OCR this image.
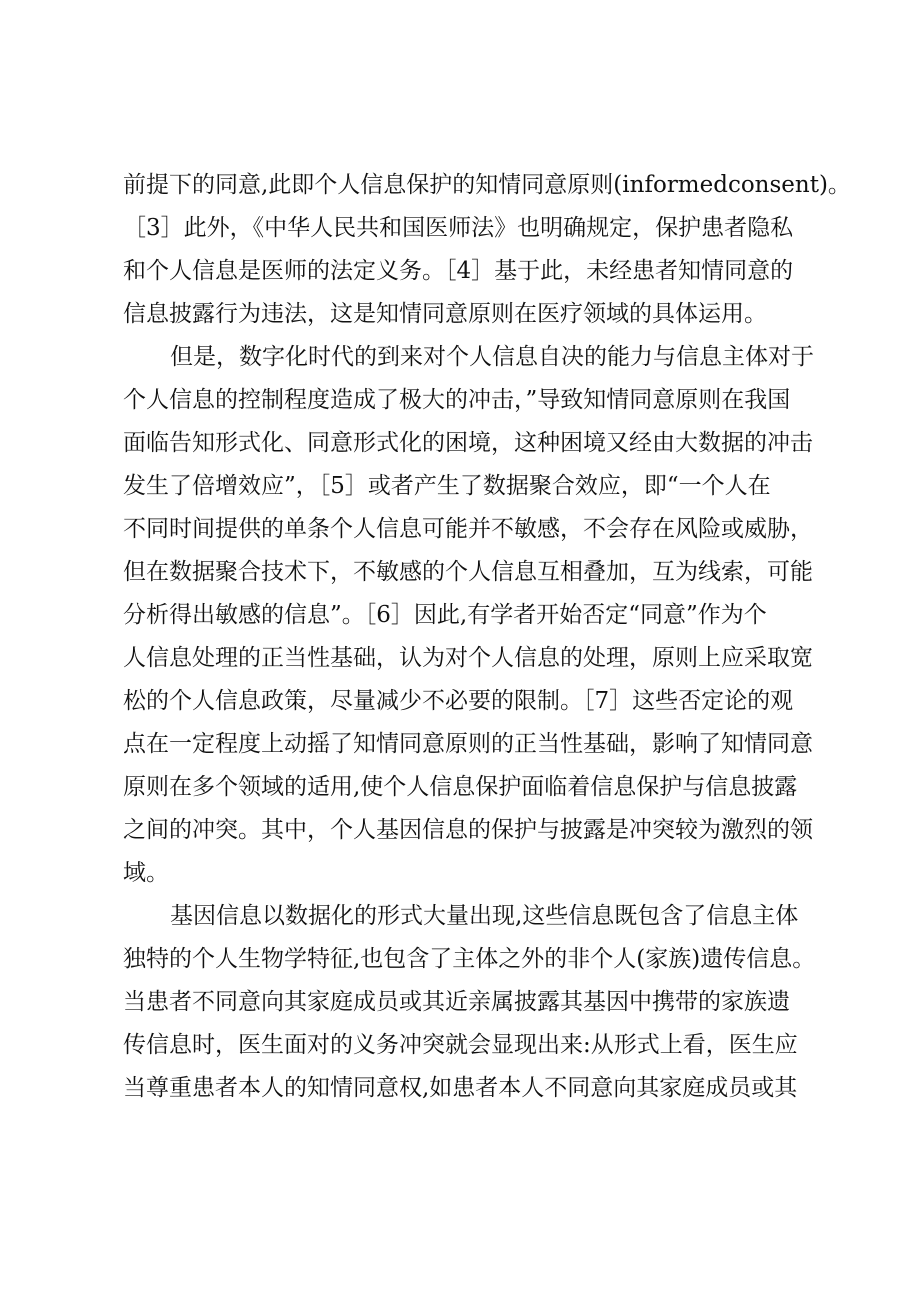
前提下的同意,此即个人信息保护的知情同意原则(informedconsent)。
［3］此外，《中华人民共和国医师法》也明确规定，保护患者隐私
和个人信息是医师的法定义务。［4］基于此，未经患者知情同意的
信息披露行为违法，这是知情同意原则在医疗领域的具体运用。
但是，数字化时代的到来对个人信息自决的能力与信息主体对于
个人信息的控制程度造成了极大的冲击，”导致知情同意原则在我国
面临告知形式化、同意形式化的困境，这种困境又经由大数据的冲击
发生了倍增效应”，［5］或者产生了数据聚合效应，即“一个人在
不同时间提供的单条个人信息可能并不敏感，不会存在风险或威胁，
但在数据聚合技术下，不敏感的个人信息互相叠加，互为线索，可能
分析得出敏感的信息”。［6］因此,有学者开始否定“同意”作为个
人信息处理的正当性基础，认为对个人信息的处理，原则上应采取宽
松的个人信息政策，尽量减少不必要的限制。［7］这些否定论的观
点在一定程度上动摇了知情同意原则的正当性基础，影响了知情同意
原则在多个领域的适用,使个人信息保护面临着信息保护与信息披露
之间的冲突。其中，个人基因信息的保护与披露是冲突较为激烈的领
域。
基因信息以数据化的形式大量出现,这些信息既包含了信息主体
独特的个人生物学特征,也包含了主体之外的非个人(家族)遗传信息。
当患者不同意向其家庭成员或其近亲属披露其基因中携带的家族遗
传信息时，医生面对的义务冲突就会显现出来:从形式上看，医生应
当尊重患者本人的知情同意权,如患者本人不同意向其家庭成员或其
